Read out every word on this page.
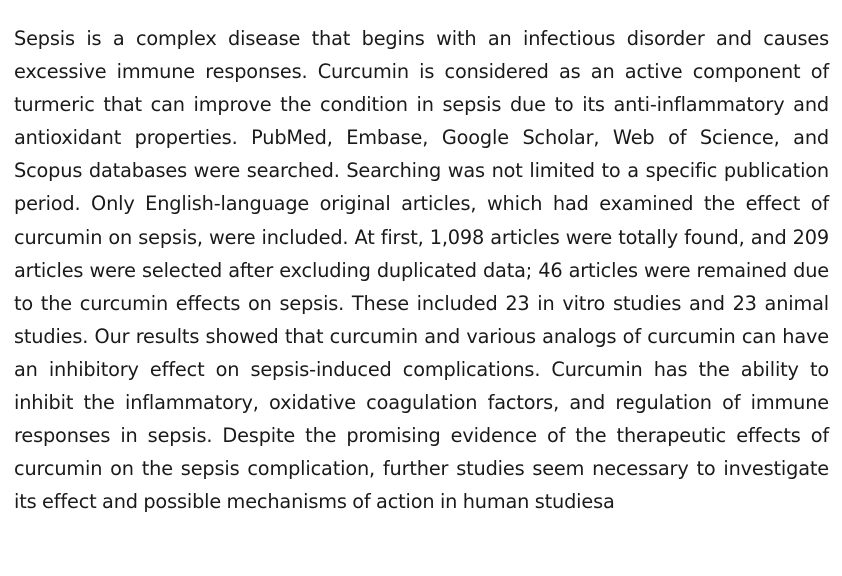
Sepsis is a complex disease that begins with an infectious disorder and causes excessive immune responses. Curcumin is considered as an active component of turmeric that can improve the condition in sepsis due to its anti-inflammatory and antioxidant properties. PubMed, Embase, Google Scholar, Web of Science, and Scopus databases were searched. Searching was not limited to a specific publication period. Only English-language original articles, which had examined the effect of curcumin on sepsis, were included. At first, 1,098 articles were totally found, and 209 articles were selected after excluding duplicated data; 46 articles were remained due to the curcumin effects on sepsis. These included 23 in vitro studies and 23 animal studies. Our results showed that curcumin and various analogs of curcumin can have an inhibitory effect on sepsis-induced complications. Curcumin has the ability to inhibit the inflammatory, oxidative coagulation factors, and regulation of immune responses in sepsis. Despite the promising evidence of the therapeutic effects of curcumin on the sepsis complication, further studies seem necessary to investigate its effect and possible mechanisms of action in human studiesa
